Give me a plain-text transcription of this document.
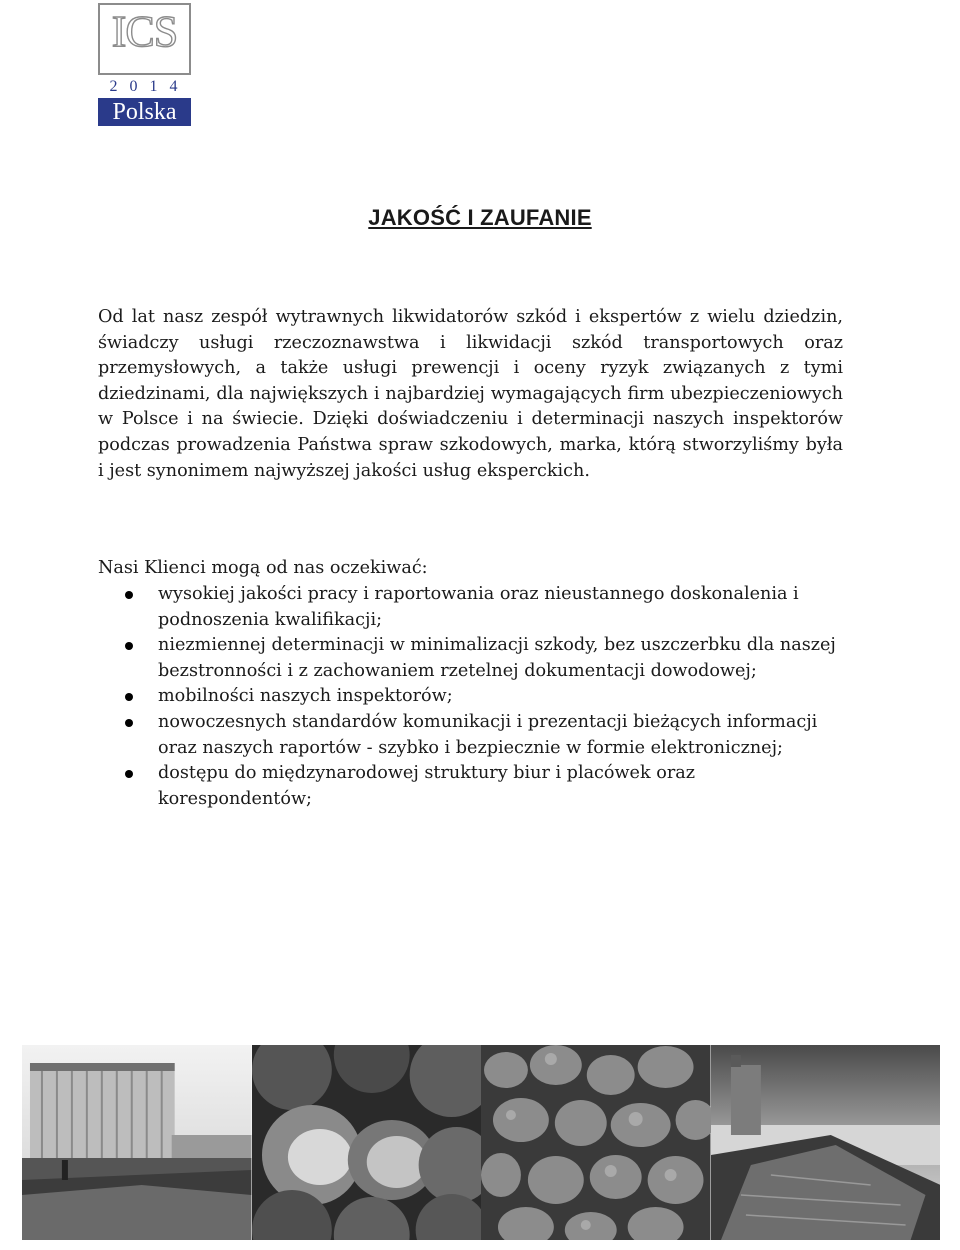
ICS
2014
Polska
JAKOŚĆ I ZAUFANIE

Od lat nasz zespół wytrawnych likwidatorów szkód i ekspertów z wielu dziedzin, świadczy usługi rzeczoznawstwa i likwidacji szkód transportowych oraz przemysłowych, a także usługi prewencji i oceny ryzyk związanych z tymi dziedzinami, dla największych i najbardziej wymagających firm ubezpieczeniowych w Polsce i na świecie. Dzięki doświadczeniu i determinacji naszych inspektorów podczas prowadzenia Państwa spraw szkodowych, marka, którą stworzyliśmy była i jest synonimem najwyższej jakości usług eksperckich.

Nasi Klienci mogą od nas oczekiwać:

wysokiej jakości pracy i raportowania oraz nieustannego doskonalenia i podnoszenia kwalifikacji;
niezmiennej determinacji w minimalizacji szkody, bez uszczerbku dla naszej bezstronności i z zachowaniem rzetelnej dokumentacji dowodowej;
mobilności naszych inspektorów;
nowoczesnych standardów komunikacji i prezentacji bieżących informacji oraz naszych raportów - szybko i bezpiecznie w formie elektronicznej;
dostępu do międzynarodowej struktury biur i placówek oraz korespondentów;
